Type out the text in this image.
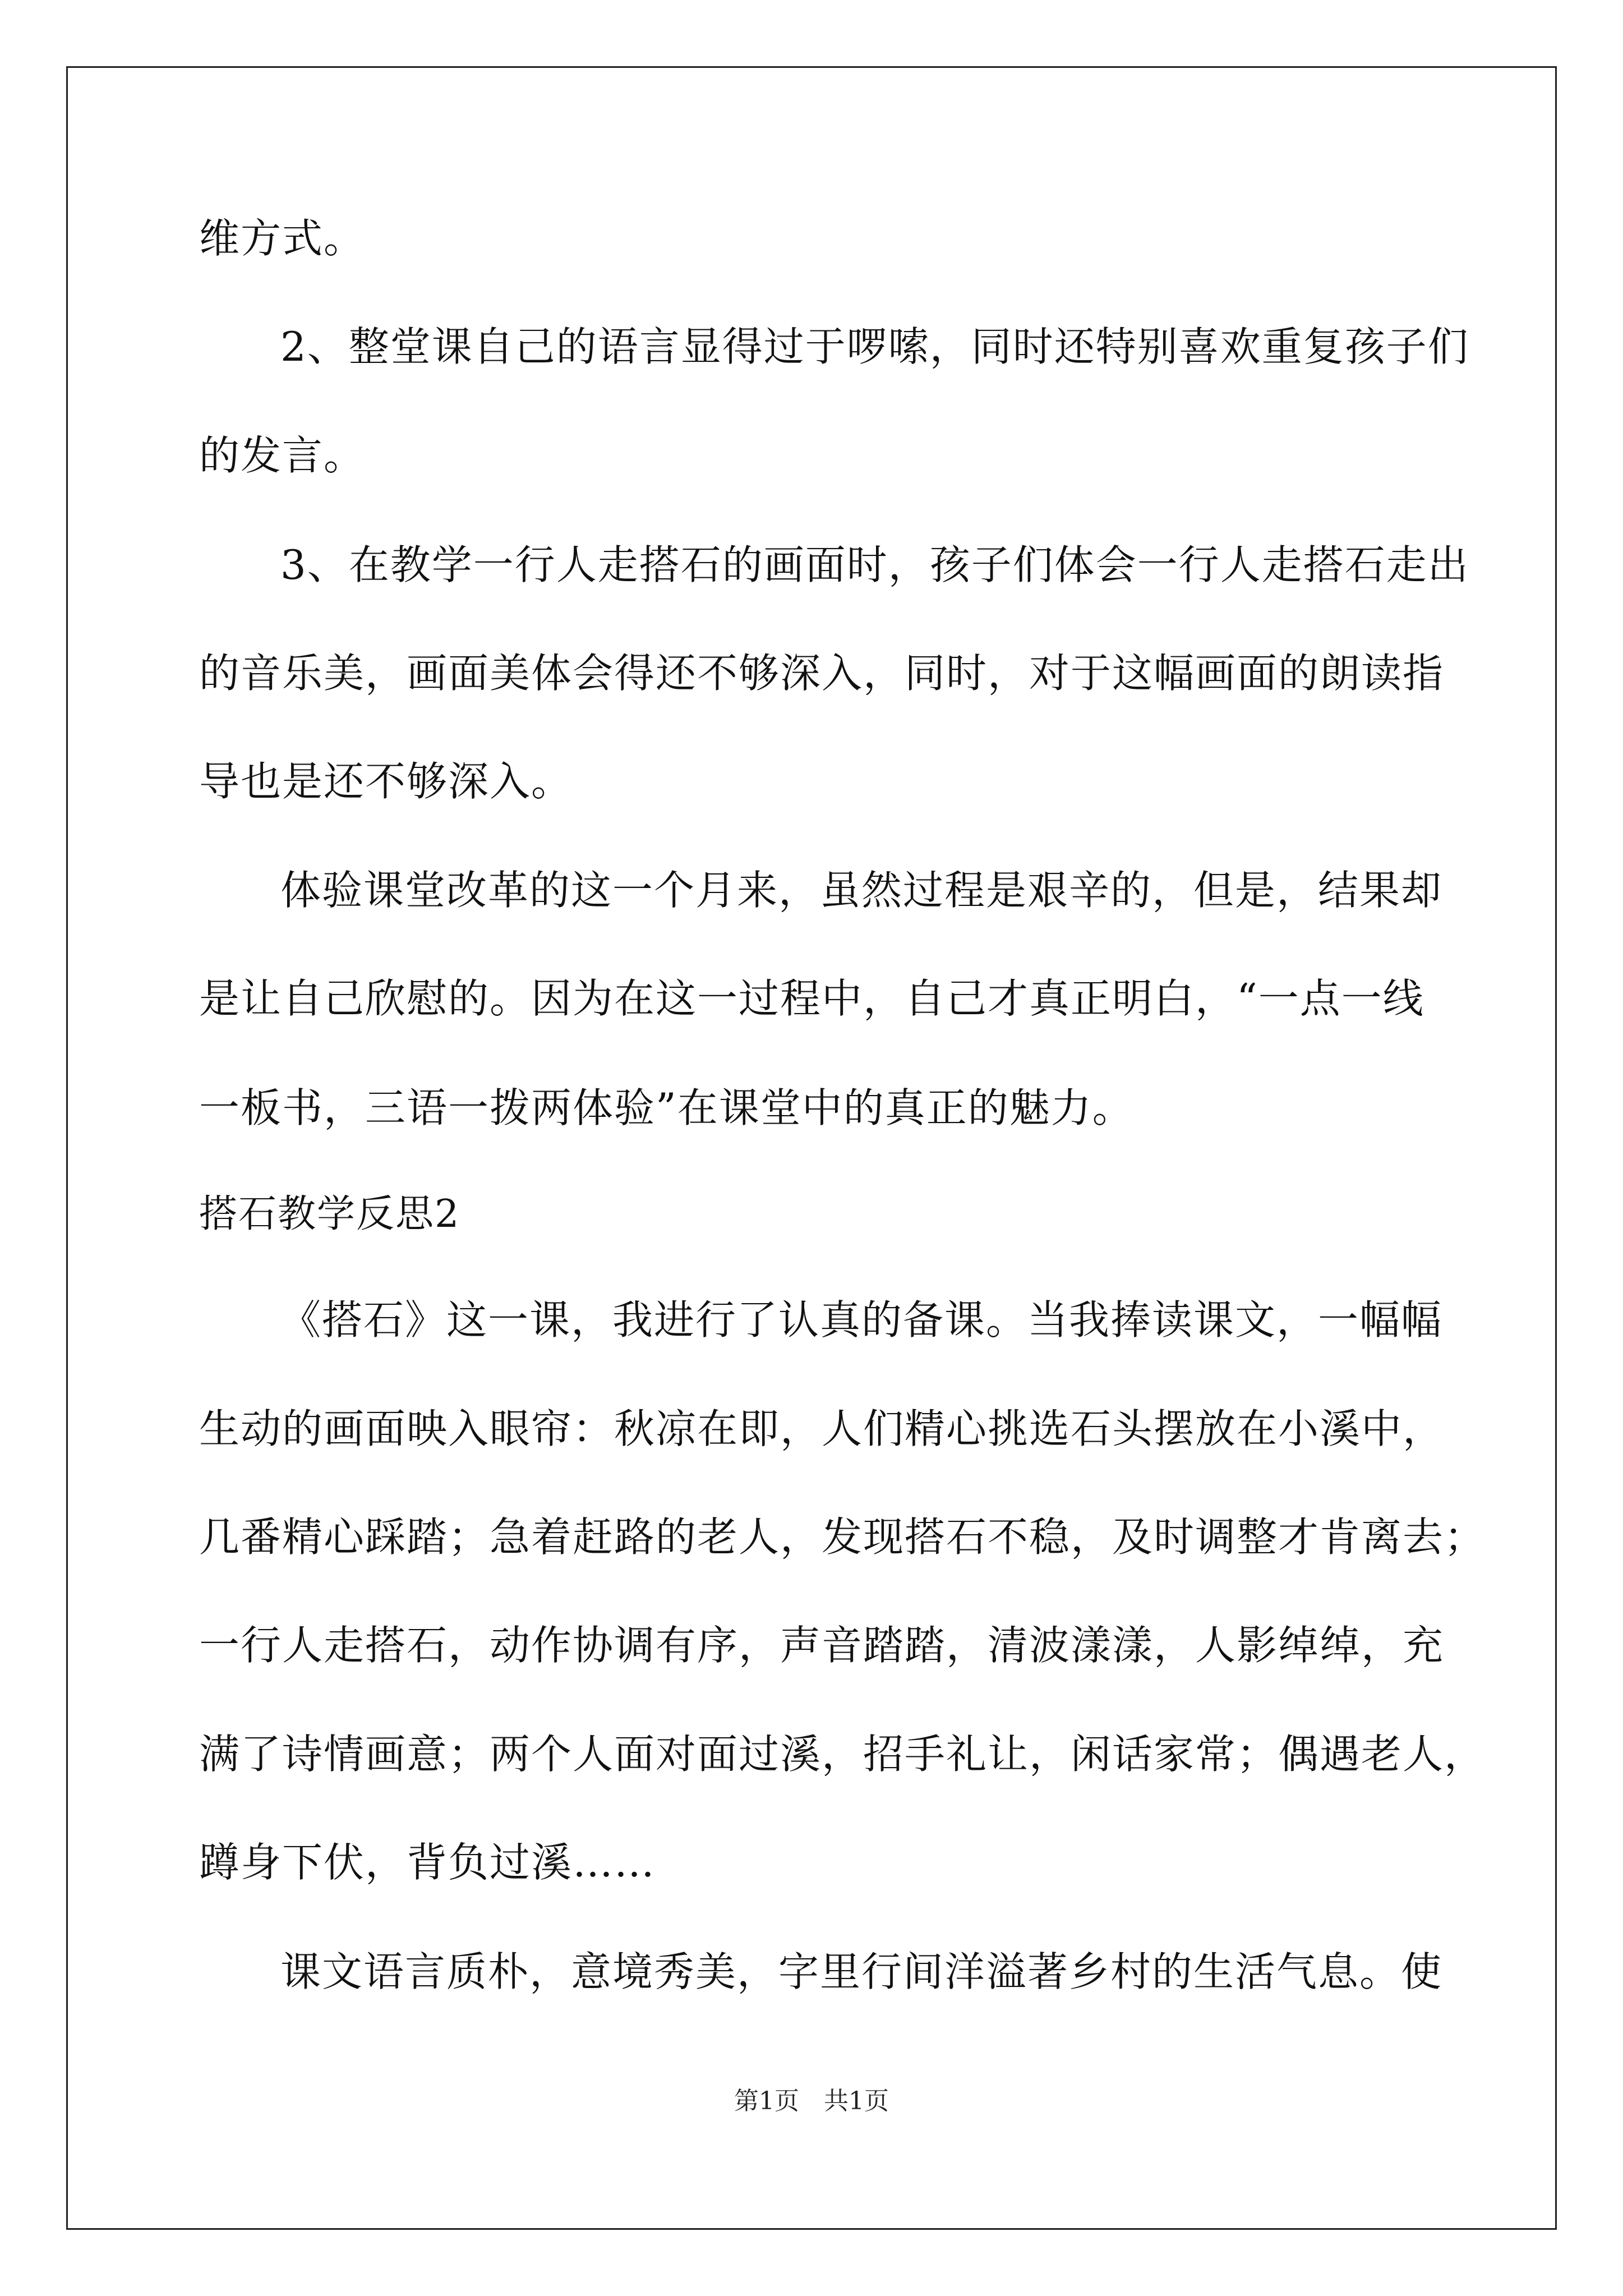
维方式。
2、整堂课自己的语言显得过于啰嗦，同时还特别喜欢重复孩子们
的发言。
3、在教学一行人走搭石的画面时，孩子们体会一行人走搭石走出
的音乐美，画面美体会得还不够深入，同时，对于这幅画面的朗读指
导也是还不够深入。
体验课堂改革的这一个月来，虽然过程是艰辛的，但是，结果却
是让自己欣慰的。因为在这一过程中，自己才真正明白，“一点一线
一板书，三语一拨两体验”在课堂中的真正的魅力。
搭石教学反思2
《搭石》这一课，我进行了认真的备课。当我捧读课文，一幅幅
生动的画面映入眼帘：秋凉在即，人们精心挑选石头摆放在小溪中，
几番精心踩踏；急着赶路的老人，发现搭石不稳，及时调整才肯离去；
一行人走搭石，动作协调有序，声音踏踏，清波漾漾，人影绰绰，充
满了诗情画意；两个人面对面过溪，招手礼让，闲话家常；偶遇老人，
蹲身下伏，背负过溪……
课文语言质朴，意境秀美，字里行间洋溢著乡村的生活气息。使
第1页　共1页
